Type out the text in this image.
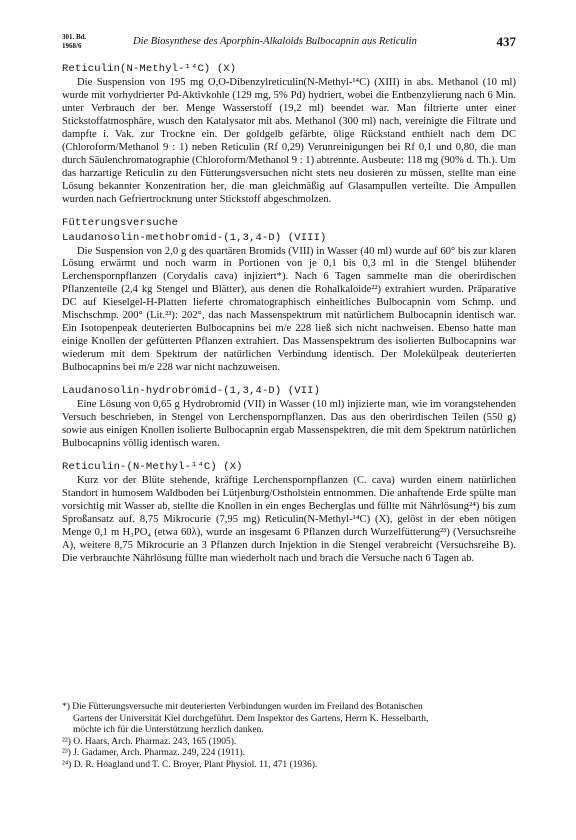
301. Bd.
1968/6	Die Biosynthese des Aporphin-Alkaloids Bulbocapnin aus Reticulin	437

Reticulin(N-Methyl-¹⁴C) (X)

Die Suspension von 195 mg O,O-Dibenzylreticulin(N-Methyl-¹⁴C) (XIII) in abs. Methanol (10 ml) wurde mit vorhydrierter Pd-Aktivkohle (129 mg, 5% Pd) hydriert, wobei die Entbenzylierung nach 6 Min. unter Verbrauch der ber. Menge Wasserstoff (19,2 ml) beendet war. Man filtrierte unter einer Stickstoffatmosphäre, wusch den Katalysator mit abs. Methanol (300 ml) nach, vereinigte die Filtrate und dampfte i. Vak. zur Trockne ein. Der goldgelb gefärbte, ölige Rückstand enthielt nach dem DC (Chloroform/Methanol 9 : 1) neben Reticulin (Rf 0,29) Verunreinigungen bei Rf 0,1 und 0,80, die man durch Säulenchromatographie (Chloroform/Methanol 9 : 1) abtrennte. Ausbeute: 118 mg (90% d. Th.). Um das harzartige Reticulin zu den Fütterungsversuchen nicht stets neu dosieren zu müssen, stellte man eine Lösung bekannter Konzentration her, die man gleichmäßig auf Glasampullen verteilte. Die Ampullen wurden nach Gefriertrocknung unter Stickstoff abgeschmolzen.

Fütterungsversuche

Laudanosolin-methobromid-(1,3,4-D) (VIII)

Die Suspension von 2,0 g des quartären Bromids (VIII) in Wasser (40 ml) wurde auf 60° bis zur klaren Lösung erwärmt und noch warm in Portionen von je 0,1 bis 0,3 ml in die Stengel blühender Lerchenspornpflanzen (Corydalis cava) injiziert*). Nach 6 Tagen sammelte man die oberirdischen Pflanzenteile (2,4 kg Stengel und Blätter), aus denen die Rohalkaloide²²) extrahiert wurden. Präparative DC auf Kieselgel-H-Platten lieferte chromatographisch einheitliches Bulbocapnin vom Schmp. und Mischschmp. 200° (Lit.²³): 202°, das nach Massenspektrum mit natürlichem Bulbocapnin identisch war. Ein Isotopenpeak deuterierten Bulbocapnins bei m/e 228 ließ sich nicht nachweisen. Ebenso hatte man einige Knollen der gefütterten Pflanzen extrahiert. Das Massenspektrum des isolierten Bulbocapnins war wiederum mit dem Spektrum der natürlichen Verbindung identisch. Der Molekülpeak deuterierten Bulbocapnins bei m/e 228 war nicht nachzuweisen.

Laudanosolin-hydrobromid-(1,3,4-D) (VII)

Eine Lösung von 0,65 g Hydrobromid (VII) in Wasser (10 ml) injizierte man, wie im vorangstehenden Versuch beschrieben, in Stengel von Lerchenspornpflanzen. Das aus den oberirdischen Teilen (550 g) sowie aus einigen Knollen isolierte Bulbocapnin ergab Massenspektren, die mit dem Spektrum natürlichen Bulbocapnins völlig identisch waren.

Reticulin-(N-Methyl-¹⁴C) (X)

Kurz vor der Blüte stehende, kräftige Lerchenspornpflanzen (C. cava) wurden einem natürlichen Standort in humosem Waldboden bei Lütjenburg/Ostholstein entnommen. Die anhaftende Erde spülte man vorsichtig mit Wasser ab, stellte die Knollen in ein enges Becherglas und füllte mit Nährlösung²⁴) bis zum Sproßansatz auf. 8,75 Mikrocurie (7,95 mg) Reticulin(N-Methyl-¹⁴C) (X), gelöst in der eben nötigen Menge 0,1 m H₃PO₄ (etwa 60λ), wurde an insgesamt 6 Pflanzen durch Wurzelfütterung²³) (Versuchsreihe A), weitere 8,75 Mikrocurie an 3 Pflanzen durch Injektion in die Stengel verabreicht (Versuchsreihe B). Die verbrauchte Nährlösung füllte man wiederholt nach und brach die Versuche nach 6 Tagen ab.

*) Die Fütterungsversuche mit deuterierten Verbindungen wurden im Freiland des Botanischen

Gartens der Universität Kiel durchgeführt. Dem Inspektor des Gartens, Herrn K. Hesselbarth,

möchte ich für die Unterstützung herzlich danken.

²²) O. Haars, Arch. Pharmaz. 243, 165 (1905).

²³) J. Gadamer, Arch. Pharmaz. 249, 224 (1911).

²⁴) D. R. Hoagland und T. C. Broyer, Plant Physiol. 11, 471 (1936).
